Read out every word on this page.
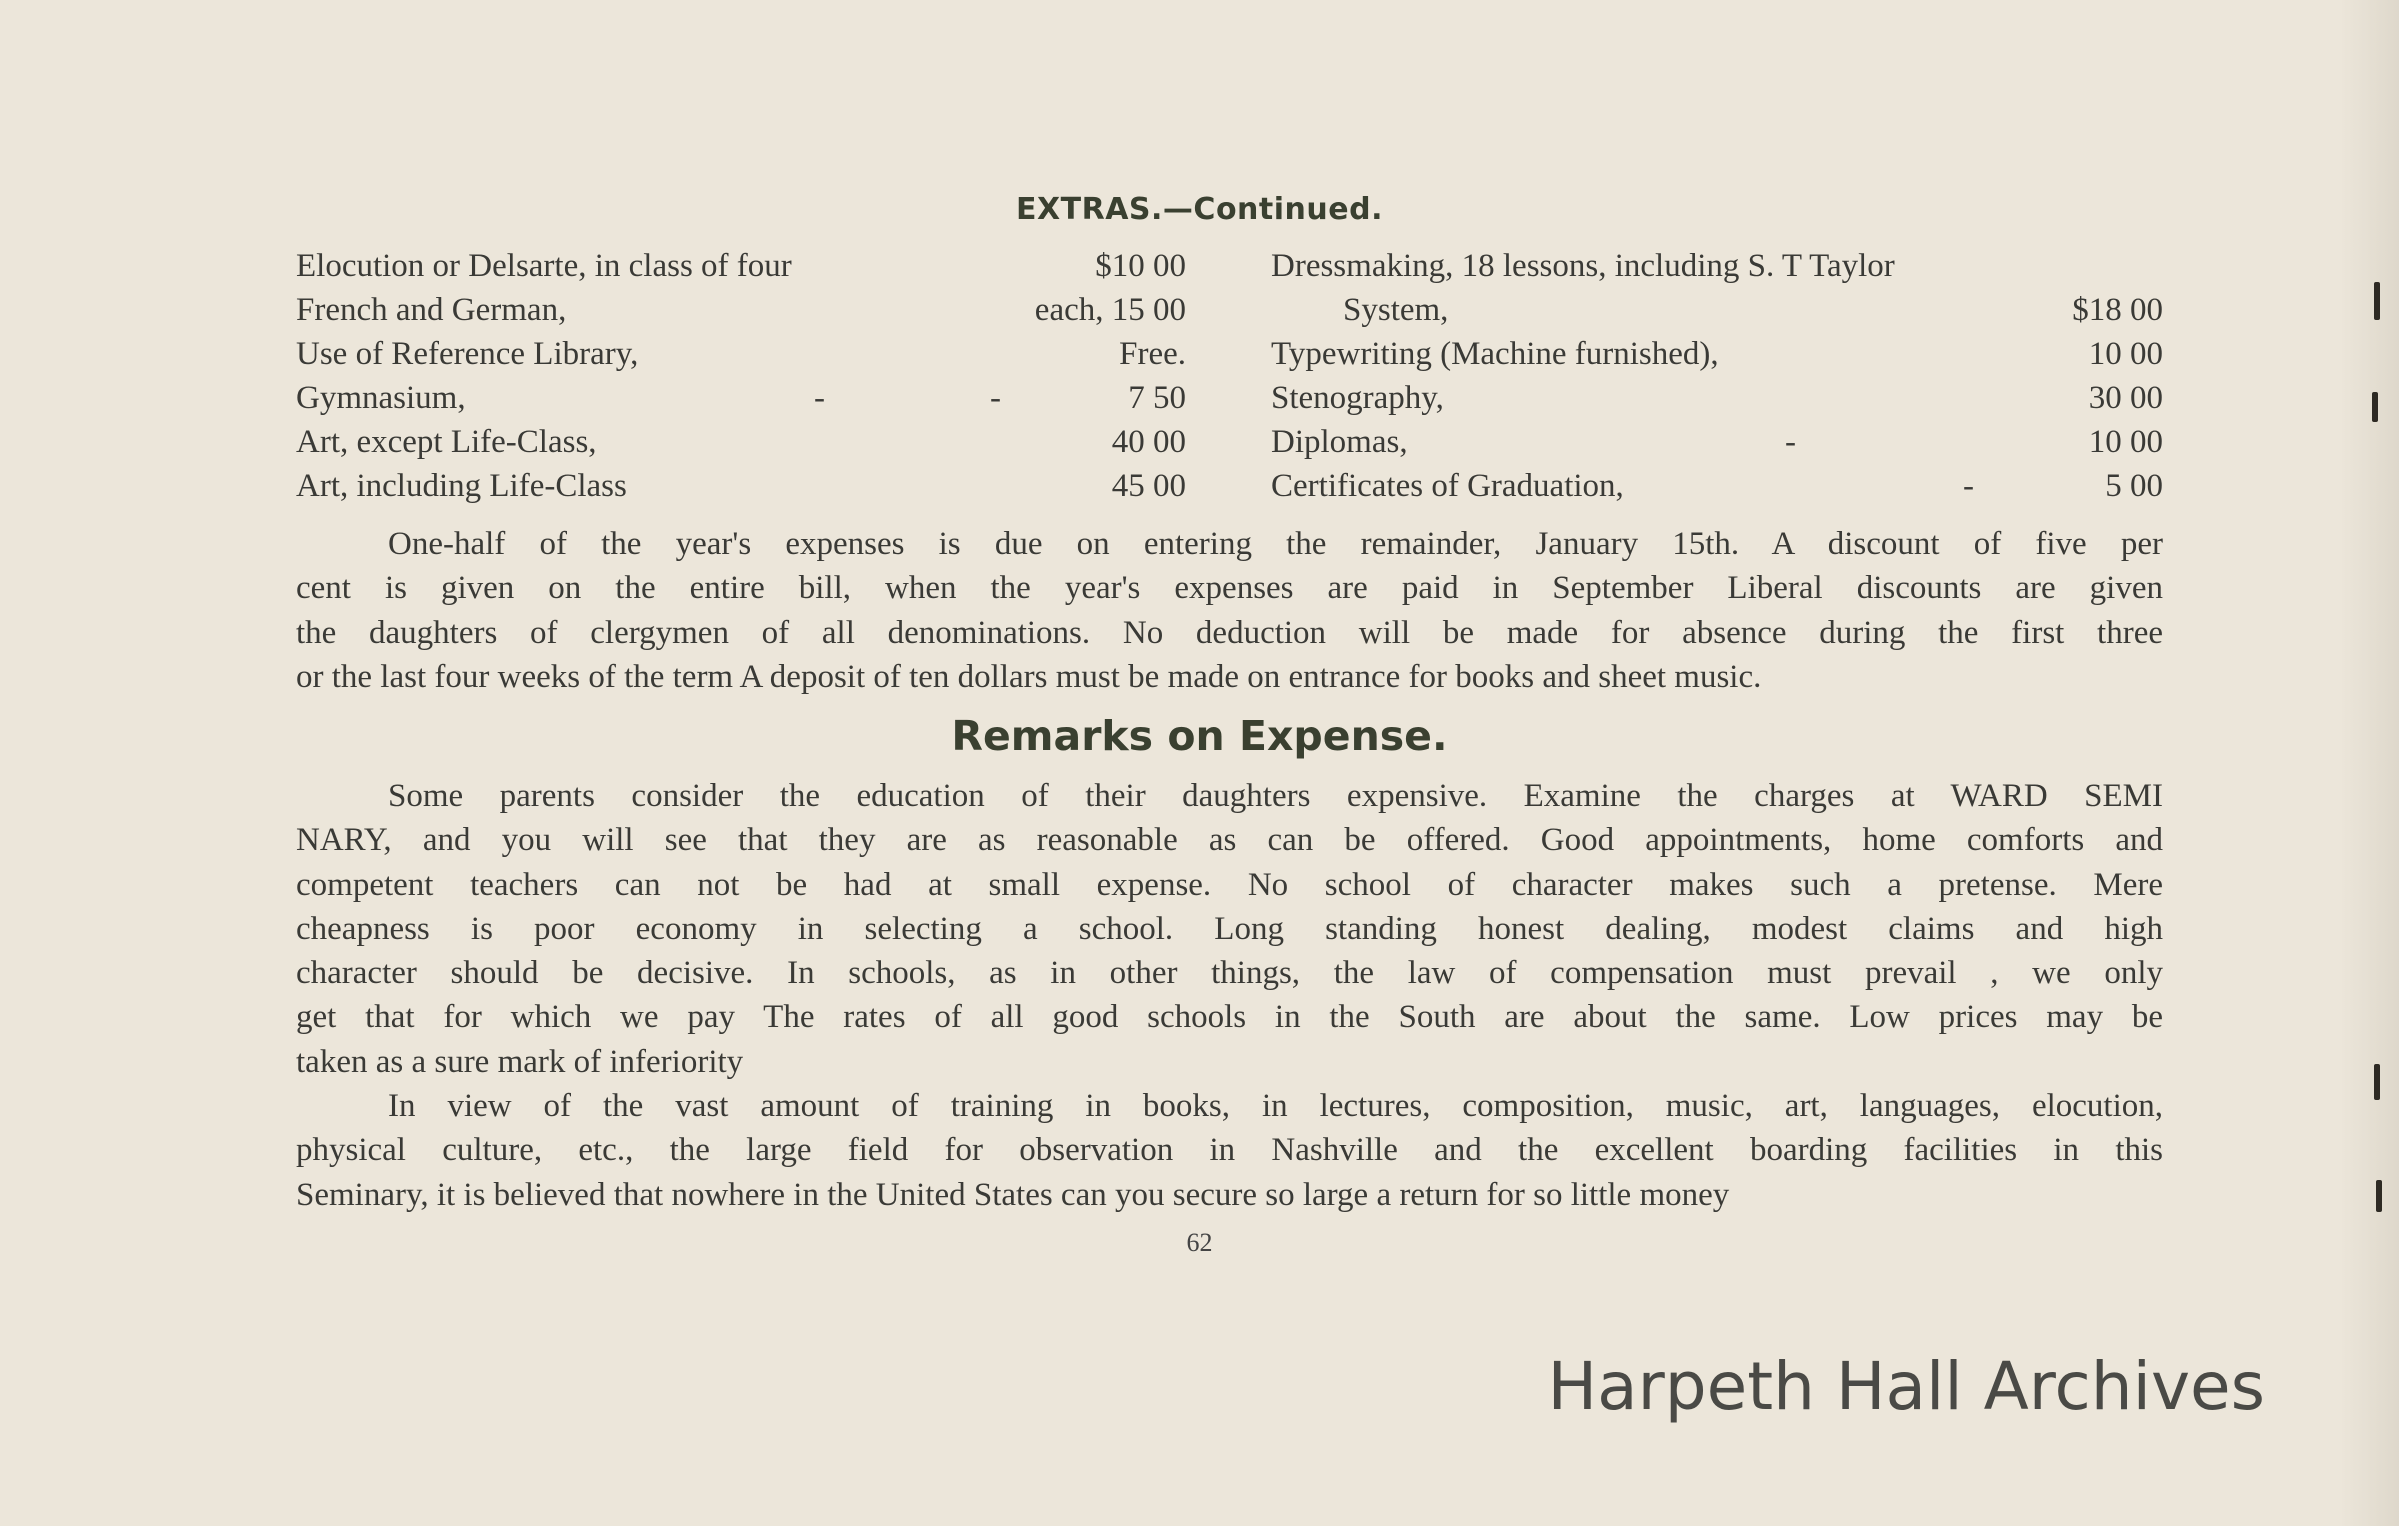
EXTRAS.—Continued.
Elocution or Delsarte, in class of four	$10 00
French and German,	each, 15 00
Use of Reference Library,	Free.
Gymnasium,	-	-	7 50
Art, except Life-Class,	40 00
Art, including Life-Class	45 00
Dressmaking, 18 lessons, including S. T Taylor
System,	$18 00
Typewriting (Machine furnished),	10 00
Stenography,	30 00
Diplomas,	-	10 00
Certificates of Graduation,	-	5 00
One-half of the year's expenses is due on entering the remainder, January 15th. A discount of five per
cent is given on the entire bill, when the year's expenses are paid in September Liberal discounts are given
the daughters of clergymen of all denominations. No deduction will be made for absence during the first three
or the last four weeks of the term A deposit of ten dollars must be made on entrance for books and sheet music.
Remarks on Expense.
Some parents consider the education of their daughters expensive. Examine the charges at WARD SEMI
NARY, and you will see that they are as reasonable as can be offered. Good appointments, home comforts and
competent teachers can not be had at small expense. No school of character makes such a pretense. Mere
cheapness is poor economy in selecting a school. Long standing honest dealing, modest claims and high
character should be decisive. In schools, as in other things, the law of compensation must prevail , we only
get that for which we pay The rates of all good schools in the South are about the same. Low prices may be
taken as a sure mark of inferiority
In view of the vast amount of training in books, in lectures, composition, music, art, languages, elocution,
physical culture, etc., the large field for observation in Nashville and the excellent boarding facilities in this
Seminary, it is believed that nowhere in the United States can you secure so large a return for so little money
62
Harpeth Hall Archives
